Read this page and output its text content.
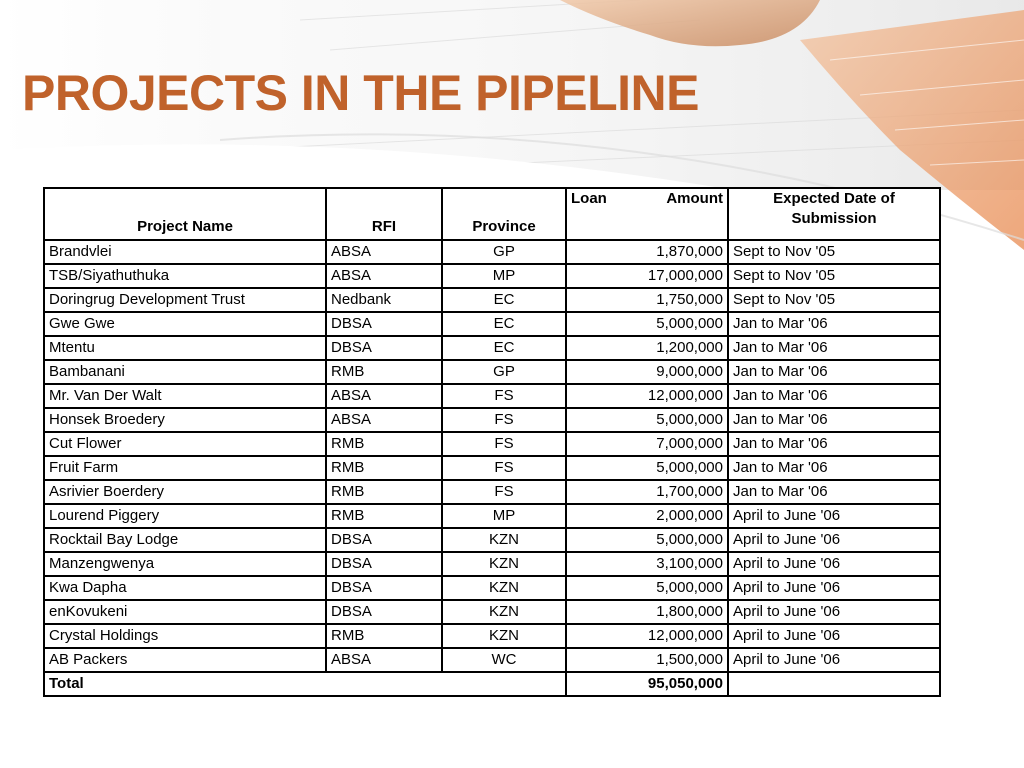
PROJECTS IN THE PIPELINE
Project Name	RFI	Province	Loan Amount	Expected Date of
Submission
Brandvlei	ABSA	GP	1,870,000	Sept to Nov '05
TSB/Siyathuthuka	ABSA	MP	17,000,000	Sept to Nov '05
Doringrug Development Trust	Nedbank	EC	1,750,000	Sept to Nov '05
Gwe Gwe	DBSA	EC	5,000,000	Jan to Mar '06
Mtentu	DBSA	EC	1,200,000	Jan to Mar '06
Bambanani	RMB	GP	9,000,000	Jan to Mar '06
Mr. Van Der Walt	ABSA	FS	12,000,000	Jan to Mar '06
Honsek Broedery	ABSA	FS	5,000,000	Jan to Mar '06
Cut Flower	RMB	FS	7,000,000	Jan to Mar '06
Fruit Farm	RMB	FS	5,000,000	Jan to Mar '06
Asrivier Boerdery	RMB	FS	1,700,000	Jan to Mar '06
Lourend Piggery	RMB	MP	2,000,000	April to June '06
Rocktail Bay Lodge	DBSA	KZN	5,000,000	April to June '06
Manzengwenya	DBSA	KZN	3,100,000	April to June '06
Kwa Dapha	DBSA	KZN	5,000,000	April to June '06
enKovukeni	DBSA	KZN	1,800,000	April to June '06
Crystal Holdings	RMB	KZN	12,000,000	April to June '06
AB Packers	ABSA	WC	1,500,000	April to June '06
Total			95,050,000	
